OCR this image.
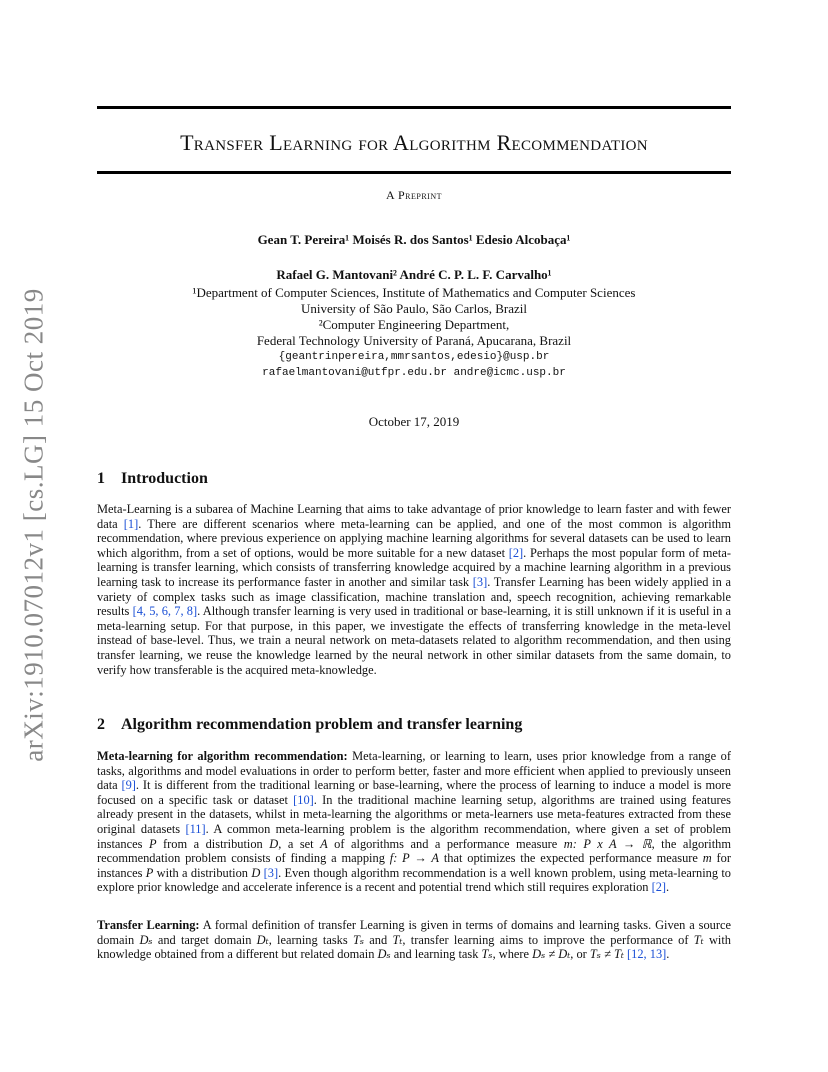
arXiv:1910.07012v1 [cs.LG] 15 Oct 2019
Transfer Learning for Algorithm Recommendation
A Preprint
Gean T. Pereira¹ Moisés R. dos Santos¹ Edesio Alcobaça¹
Rafael G. Mantovani² André C. P. L. F. Carvalho¹
¹Department of Computer Sciences, Institute of Mathematics and Computer Sciences
University of São Paulo, São Carlos, Brazil
²Computer Engineering Department,
Federal Technology University of Paraná, Apucarana, Brazil
{geantrinpereira,mmrsantos,edesio}@usp.br
rafaelmantovani@utfpr.edu.br andre@icmc.usp.br
October 17, 2019
1 Introduction
Meta-Learning is a subarea of Machine Learning that aims to take advantage of prior knowledge to learn faster and with fewer data [1]. There are different scenarios where meta-learning can be applied, and one of the most common is algorithm recommendation, where previous experience on applying machine learning algorithms for several datasets can be used to learn which algorithm, from a set of options, would be more suitable for a new dataset [2]. Perhaps the most popular form of meta-learning is transfer learning, which consists of transferring knowledge acquired by a machine learning algorithm in a previous learning task to increase its performance faster in another and similar task [3]. Transfer Learning has been widely applied in a variety of complex tasks such as image classification, machine translation and, speech recognition, achieving remarkable results [4, 5, 6, 7, 8]. Although transfer learning is very used in traditional or base-learning, it is still unknown if it is useful in a meta-learning setup. For that purpose, in this paper, we investigate the effects of transferring knowledge in the meta-level instead of base-level. Thus, we train a neural network on meta-datasets related to algorithm recommendation, and then using transfer learning, we reuse the knowledge learned by the neural network in other similar datasets from the same domain, to verify how transferable is the acquired meta-knowledge.
2 Algorithm recommendation problem and transfer learning
Meta-learning for algorithm recommendation: Meta-learning, or learning to learn, uses prior knowledge from a range of tasks, algorithms and model evaluations in order to perform better, faster and more efficient when applied to previously unseen data [9]. It is different from the traditional learning or base-learning, where the process of learning to induce a model is more focused on a specific task or dataset [10]. In the traditional machine learning setup, algorithms are trained using features already present in the datasets, whilst in meta-learning the algorithms or meta-learners use meta-features extracted from these original datasets [11]. A common meta-learning problem is the algorithm recommendation, where given a set of problem instances P from a distribution D, a set A of algorithms and a performance measure m: P x A → ℝ, the algorithm recommendation problem consists of finding a mapping f: P → A that optimizes the expected performance measure m for instances P with a distribution D [3]. Even though algorithm recommendation is a well known problem, using meta-learning to explore prior knowledge and accelerate inference is a recent and potential trend which still requires exploration [2].
Transfer Learning: A formal definition of transfer Learning is given in terms of domains and learning tasks. Given a source domain Dₛ and target domain Dₜ, learning tasks Tₛ and Tₜ, transfer learning aims to improve the performance of Tₜ with knowledge obtained from a different but related domain Dₛ and learning task Tₛ, where Dₛ ≠ Dₜ, or Tₛ ≠ Tₜ [12, 13].
